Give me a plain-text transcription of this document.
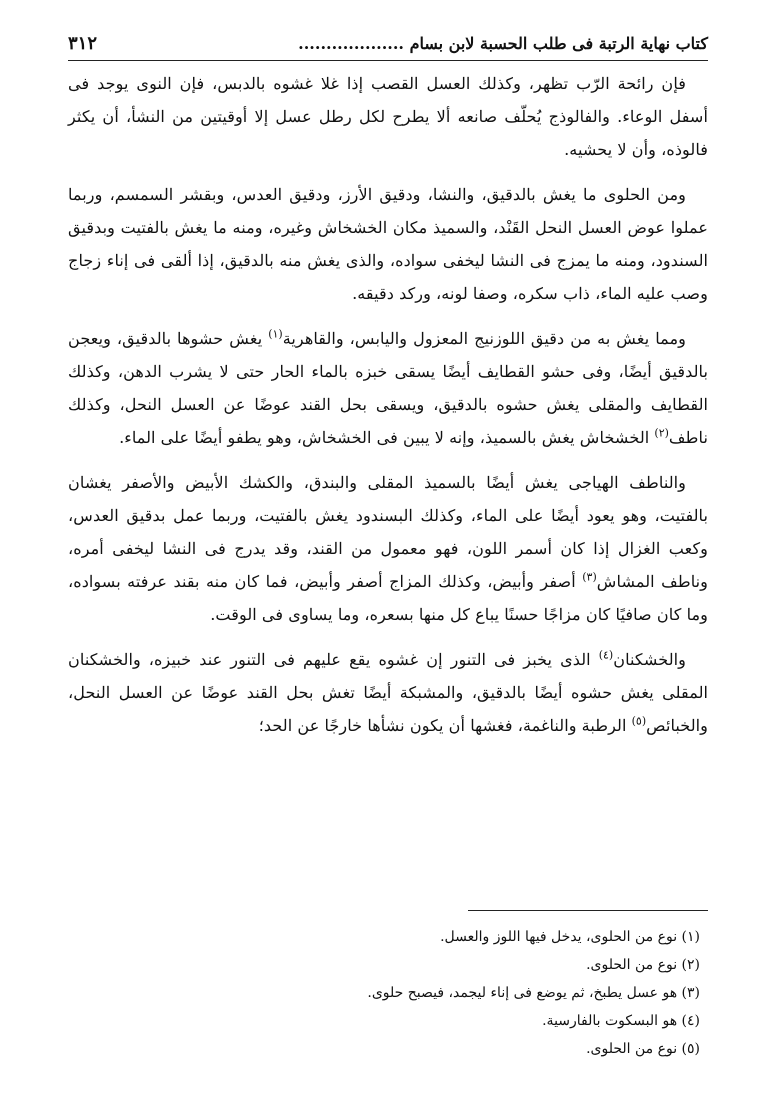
كتاب نهاية الرتبة فى طلب الحسبة لابن بسام ...................
٣١٢

فإن رائحة الرّب تظهر، وكذلك العسل القصب إذا غلا غشوه بالدبس، فإن النوى يوجد فى أسفل الوعاء. والفالوذج يُحلّف صانعه ألا يطرح لكل رطل عسل إلا أوقيتين من النشأ، أن يكثر فالوذه، وأن لا يحشيه.

ومن الحلوى ما يغش بالدقيق، والنشا، ودقيق الأرز، ودقيق العدس، وبقشر السمسم، وربما عملوا عوض العسل النحل القَنْد، والسميذ مكان الخشخاش وغيره، ومنه ما يغش بالفتيت وبدقيق السندود، ومنه ما يمزج فى النشا ليخفى سواده، والذى يغش منه بالدقيق، إذا ألقى فى إناء زجاج وصب عليه الماء، ذاب سكره، وصفا لونه، وركد دقيقه.

ومما يغش به من دقيق اللوزنيج المعزول واليابس، والقاهرية$^{(١)}$ يغش حشوها بالدقيق، ويعجن بالدقيق أيضًا، وفى حشو القطايف أيضًا يسقى خبزه بالماء الحار حتى لا يشرب الدهن، وكذلك القطايف والمقلى يغش حشوه بالدقيق، ويسقى بحل القند عوضًا عن العسل النحل، وكذلك ناطف$^{(٢)}$ الخشخاش يغش بالسميذ، وإنه لا يبين فى الخشخاش، وهو يطفو أيضًا على الماء.

والناطف الهياجى يغش أيضًا بالسميذ المقلى والبندق، والكشك الأبيض والأصفر يغشان بالفتيت، وهو يعود أيضًا على الماء، وكذلك البسندود يغش بالفتيت، وربما عمل بدقيق العدس، وكعب الغزال إذا كان أسمر اللون، فهو معمول من القند، وقد يدرج فى النشا ليخفى أمره، وناطف المشاش$^{(٣)}$ أصفر وأبيض، وكذلك المزاج أصفر وأبيض، فما كان منه بقند عرفته بسواده، وما كان صافيًا كان مزاجًا حسنًا يباع كل منها بسعره، وما يساوى فى الوقت.

والخشكنان$^{(٤)}$ الذى يخبز فى التنور إن غشوه يقع عليهم فى التنور عند خبيزه، والخشكنان المقلى يغش حشوه أيضًا بالدقيق، والمشبكة أيضًا تغش بحل القند عوضًا عن العسل النحل، والخبائص$^{(٥)}$ الرطبة والناغمة، فغشها أن يكون نشأها خارجًا عن الحد؛

(١) نوع من الحلوى، يدخل فيها اللوز والعسل.

(٢) نوع من الحلوى.

(٣) هو عسل يطبخ، ثم يوضع فى إناء ليجمد، فيصبح حلوى.

(٤) هو البسكوت بالفارسية.

(٥) نوع من الحلوى.
